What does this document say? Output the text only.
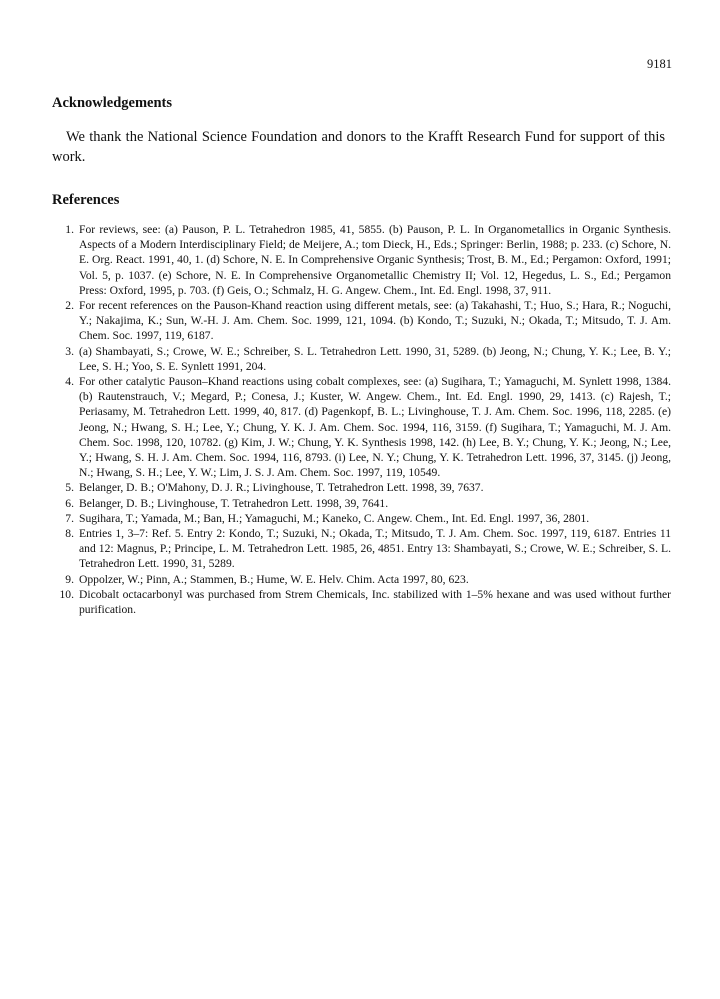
9181
Acknowledgements

We thank the National Science Foundation and donors to the Krafft Research Fund for support of this work.

References
1. For reviews, see: (a) Pauson, P. L. Tetrahedron 1985, 41, 5855. (b) Pauson, P. L. In Organometallics in Organic Synthesis. Aspects of a Modern Interdisciplinary Field; de Meijere, A.; tom Dieck, H., Eds.; Springer: Berlin, 1988; p. 233. (c) Schore, N. E. Org. React. 1991, 40, 1. (d) Schore, N. E. In Comprehensive Organic Synthesis; Trost, B. M., Ed.; Pergamon: Oxford, 1991; Vol. 5, p. 1037. (e) Schore, N. E. In Comprehensive Organometallic Chemistry II; Vol. 12, Hegedus, L. S., Ed.; Pergamon Press: Oxford, 1995, p. 703. (f) Geis, O.; Schmalz, H. G. Angew. Chem., Int. Ed. Engl. 1998, 37, 911.
2. For recent references on the Pauson-Khand reaction using different metals, see: (a) Takahashi, T.; Huo, S.; Hara, R.; Noguchi, Y.; Nakajima, K.; Sun, W.-H. J. Am. Chem. Soc. 1999, 121, 1094. (b) Kondo, T.; Suzuki, N.; Okada, T.; Mitsudo, T. J. Am. Chem. Soc. 1997, 119, 6187.
3. (a) Shambayati, S.; Crowe, W. E.; Schreiber, S. L. Tetrahedron Lett. 1990, 31, 5289. (b) Jeong, N.; Chung, Y. K.; Lee, B. Y.; Lee, S. H.; Yoo, S. E. Synlett 1991, 204.
4. For other catalytic Pauson–Khand reactions using cobalt complexes, see: (a) Sugihara, T.; Yamaguchi, M. Synlett 1998, 1384. (b) Rautenstrauch, V.; Megard, P.; Conesa, J.; Kuster, W. Angew. Chem., Int. Ed. Engl. 1990, 29, 1413. (c) Rajesh, T.; Periasamy, M. Tetrahedron Lett. 1999, 40, 817. (d) Pagenkopf, B. L.; Livinghouse, T. J. Am. Chem. Soc. 1996, 118, 2285. (e) Jeong, N.; Hwang, S. H.; Lee, Y.; Chung, Y. K. J. Am. Chem. Soc. 1994, 116, 3159. (f) Sugihara, T.; Yamaguchi, M. J. Am. Chem. Soc. 1998, 120, 10782. (g) Kim, J. W.; Chung, Y. K. Synthesis 1998, 142. (h) Lee, B. Y.; Chung, Y. K.; Jeong, N.; Lee, Y.; Hwang, S. H. J. Am. Chem. Soc. 1994, 116, 8793. (i) Lee, N. Y.; Chung, Y. K. Tetrahedron Lett. 1996, 37, 3145. (j) Jeong, N.; Hwang, S. H.; Lee, Y. W.; Lim, J. S. J. Am. Chem. Soc. 1997, 119, 10549.
5. Belanger, D. B.; O'Mahony, D. J. R.; Livinghouse, T. Tetrahedron Lett. 1998, 39, 7637.
6. Belanger, D. B.; Livinghouse, T. Tetrahedron Lett. 1998, 39, 7641.
7. Sugihara, T.; Yamada, M.; Ban, H.; Yamaguchi, M.; Kaneko, C. Angew. Chem., Int. Ed. Engl. 1997, 36, 2801.
8. Entries 1, 3–7: Ref. 5. Entry 2: Kondo, T.; Suzuki, N.; Okada, T.; Mitsudo, T. J. Am. Chem. Soc. 1997, 119, 6187. Entries 11 and 12: Magnus, P.; Principe, L. M. Tetrahedron Lett. 1985, 26, 4851. Entry 13: Shambayati, S.; Crowe, W. E.; Schreiber, S. L. Tetrahedron Lett. 1990, 31, 5289.
9. Oppolzer, W.; Pinn, A.; Stammen, B.; Hume, W. E. Helv. Chim. Acta 1997, 80, 623.
10. Dicobalt octacarbonyl was purchased from Strem Chemicals, Inc. stabilized with 1–5% hexane and was used without further purification.
